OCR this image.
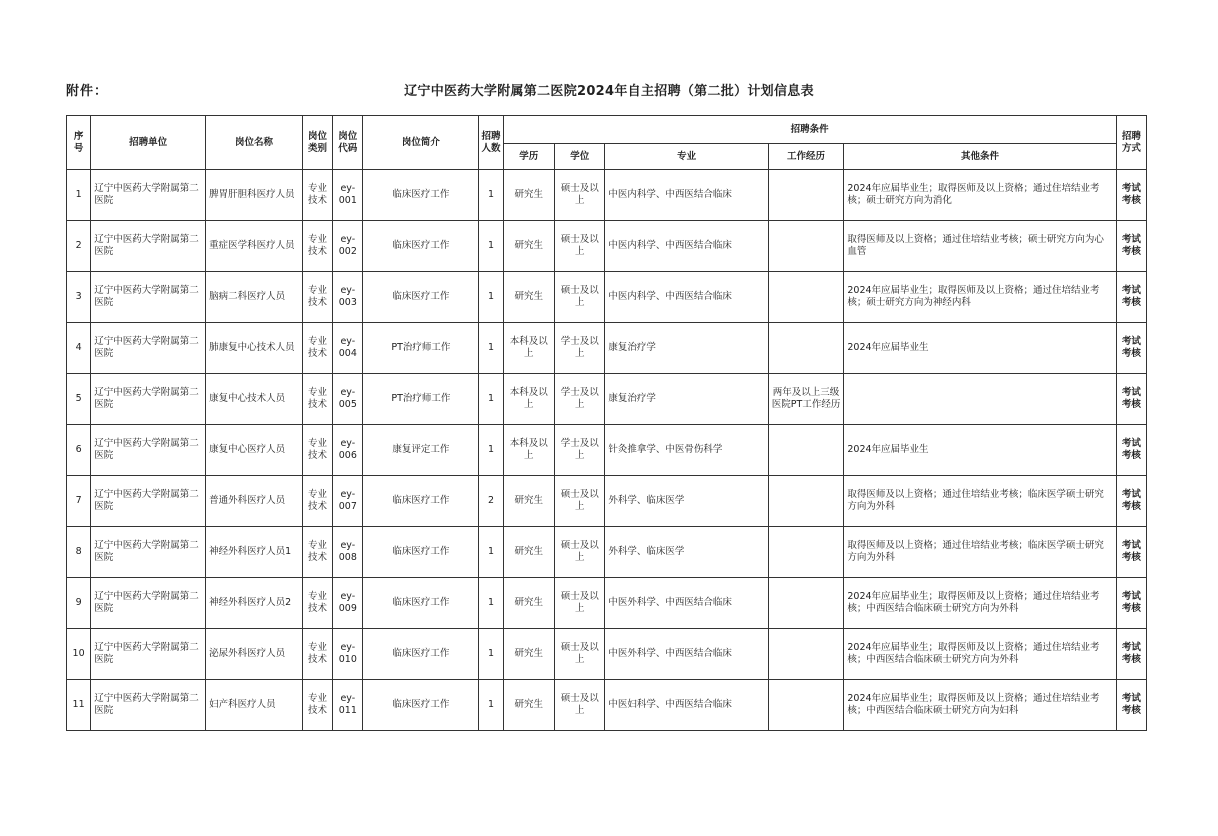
附件：	辽宁中医药大学附属第二医院2024年自主招聘（第二批）计划信息表
序号	招聘单位	岗位名称	岗位类别	岗位代码	岗位简介	招聘人数	招聘条件					招聘方式
							学历	学位	专业	工作经历	其他条件	
1	辽宁中医药大学附属第二医院	脾胃肝胆科医疗人员	专业技术	ey-001	临床医疗工作	1	研究生	硕士及以上	中医内科学、中西医结合临床		2024年应届毕业生；取得医师及以上资格；通过住培结业考核；硕士研究方向为消化	考试考核
2	辽宁中医药大学附属第二医院	重症医学科医疗人员	专业技术	ey-002	临床医疗工作	1	研究生	硕士及以上	中医内科学、中西医结合临床		取得医师及以上资格；通过住培结业考核；硕士研究方向为心血管	考试考核
3	辽宁中医药大学附属第二医院	脑病二科医疗人员	专业技术	ey-003	临床医疗工作	1	研究生	硕士及以上	中医内科学、中西医结合临床		2024年应届毕业生；取得医师及以上资格；通过住培结业考核；硕士研究方向为神经内科	考试考核
4	辽宁中医药大学附属第二医院	肺康复中心技术人员	专业技术	ey-004	PT治疗师工作	1	本科及以上	学士及以上	康复治疗学		2024年应届毕业生	考试考核
5	辽宁中医药大学附属第二医院	康复中心技术人员	专业技术	ey-005	PT治疗师工作	1	本科及以上	学士及以上	康复治疗学	两年及以上三级医院PT工作经历		考试考核
6	辽宁中医药大学附属第二医院	康复中心医疗人员	专业技术	ey-006	康复评定工作	1	本科及以上	学士及以上	针灸推拿学、中医骨伤科学		2024年应届毕业生	考试考核
7	辽宁中医药大学附属第二医院	普通外科医疗人员	专业技术	ey-007	临床医疗工作	2	研究生	硕士及以上	外科学、临床医学		取得医师及以上资格；通过住培结业考核；临床医学硕士研究方向为外科	考试考核
8	辽宁中医药大学附属第二医院	神经外科医疗人员1	专业技术	ey-008	临床医疗工作	1	研究生	硕士及以上	外科学、临床医学		取得医师及以上资格；通过住培结业考核；临床医学硕士研究方向为外科	考试考核
9	辽宁中医药大学附属第二医院	神经外科医疗人员2	专业技术	ey-009	临床医疗工作	1	研究生	硕士及以上	中医外科学、中西医结合临床		2024年应届毕业生；取得医师及以上资格；通过住培结业考核；中西医结合临床硕士研究方向为外科	考试考核
10	辽宁中医药大学附属第二医院	泌尿外科医疗人员	专业技术	ey-010	临床医疗工作	1	研究生	硕士及以上	中医外科学、中西医结合临床		2024年应届毕业生；取得医师及以上资格；通过住培结业考核；中西医结合临床硕士研究方向为外科	考试考核
11	辽宁中医药大学附属第二医院	妇产科医疗人员	专业技术	ey-011	临床医疗工作	1	研究生	硕士及以上	中医妇科学、中西医结合临床		2024年应届毕业生；取得医师及以上资格；通过住培结业考核；中西医结合临床硕士研究方向为妇科	考试考核
